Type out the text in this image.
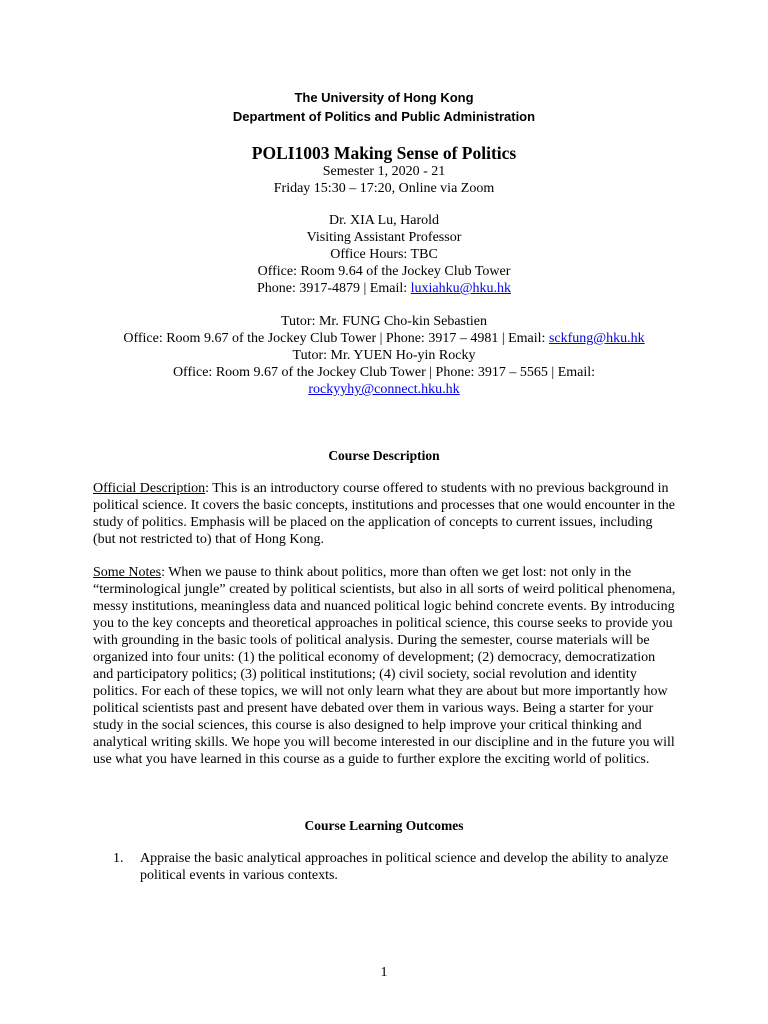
The University of Hong Kong
Department of Politics and Public Administration
POLI1003 Making Sense of Politics
Semester 1, 2020 - 21
Friday 15:30 – 17:20, Online via Zoom
Dr. XIA Lu, Harold
Visiting Assistant Professor
Office Hours: TBC
Office: Room 9.64 of the Jockey Club Tower
Phone: 3917-4879 | Email: luxiahku@hku.hk
Tutor: Mr. FUNG Cho-kin Sebastien
Office: Room 9.67 of the Jockey Club Tower | Phone: 3917 – 4981 | Email: sckfung@hku.hk
Tutor: Mr. YUEN Ho-yin Rocky
Office: Room 9.67 of the Jockey Club Tower | Phone: 3917 – 5565 | Email:
rockyyhy@connect.hku.hk
Course Description
Official Description: This is an introductory course offered to students with no previous background in political science. It covers the basic concepts, institutions and processes that one would encounter in the study of politics. Emphasis will be placed on the application of concepts to current issues, including (but not restricted to) that of Hong Kong.
Some Notes: When we pause to think about politics, more than often we get lost: not only in the “terminological jungle” created by political scientists, but also in all sorts of weird political phenomena, messy institutions, meaningless data and nuanced political logic behind concrete events. By introducing you to the key concepts and theoretical approaches in political science, this course seeks to provide you with grounding in the basic tools of political analysis. During the semester, course materials will be organized into four units: (1) the political economy of development; (2) democracy, democratization and participatory politics; (3) political institutions; (4) civil society, social revolution and identity politics. For each of these topics, we will not only learn what they are about but more importantly how political scientists past and present have debated over them in various ways. Being a starter for your study in the social sciences, this course is also designed to help improve your critical thinking and analytical writing skills. We hope you will become interested in our discipline and in the future you will use what you have learned in this course as a guide to further explore the exciting world of politics.
Course Learning Outcomes
1. Appraise the basic analytical approaches in political science and develop the ability to analyze political events in various contexts.
1
